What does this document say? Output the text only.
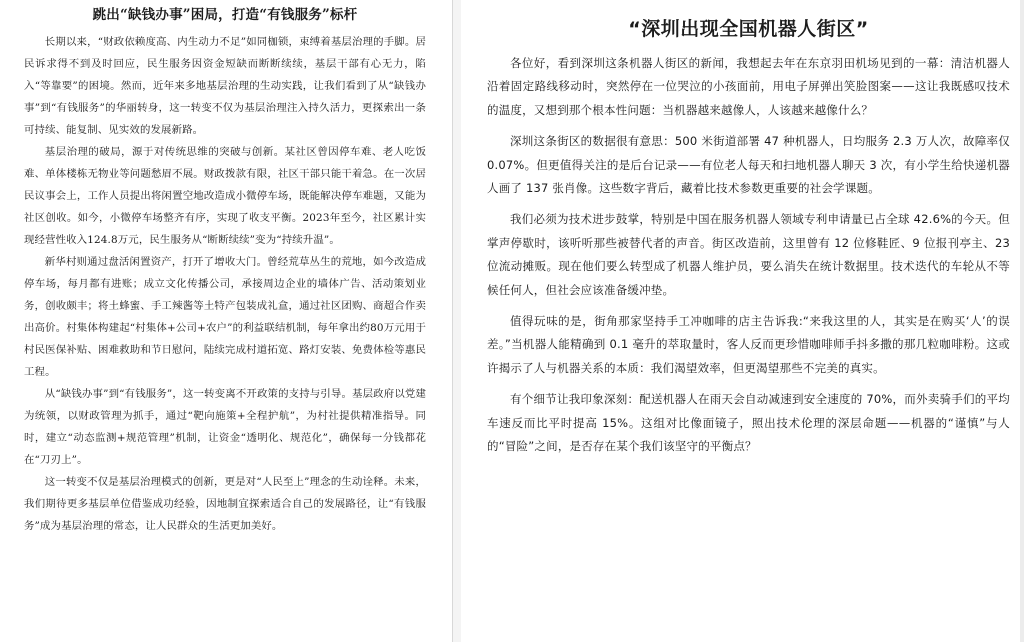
跳出“缺钱办事”困局，打造“有钱服务”标杆

长期以来，“财政依赖度高、内生动力不足”如同枷锁，束缚着基层治理的手脚。居民诉求得不到及时回应，民生服务因资金短缺而断断续续，基层干部有心无力，陷入“等靠要”的困境。然而，近年来多地基层治理的生动实践，让我们看到了从“缺钱办事”到“有钱服务”的华丽转身，这一转变不仅为基层治理注入持久活力，更探索出一条可持续、能复制、见实效的发展新路。

基层治理的破局，源于对传统思维的突破与创新。某社区曾因停车难、老人吃饭难、单体楼栋无物业等问题愁眉不展。财政拨款有限，社区干部只能干着急。在一次居民议事会上，工作人员提出将闲置空地改造成小微停车场，既能解决停车难题，又能为社区创收。如今，小微停车场整齐有序，实现了收支平衡。2023年至今，社区累计实现经营性收入124.8万元，民生服务从“断断续续”变为“持续升温”。

新华村则通过盘活闲置资产，打开了增收大门。曾经荒草丛生的荒地，如今改造成停车场，每月都有进账；成立文化传播公司，承接周边企业的墙体广告、活动策划业务，创收颇丰；将土蜂蜜、手工辣酱等土特产包装成礼盒，通过社区团购、商超合作卖出高价。村集体构建起“村集体+公司+农户”的利益联结机制，每年拿出约80万元用于村民医保补贴、困难救助和节日慰问，陆续完成村道拓宽、路灯安装、免费体检等惠民工程。

从“缺钱办事”到“有钱服务”，这一转变离不开政策的支持与引导。基层政府以党建为统领，以财政管理为抓手，通过“靶向施策+全程护航”，为村社提供精准指导。同时，建立“动态监测+规范管理”机制，让资金“透明化、规范化”，确保每一分钱都花在“刀刃上”。

这一转变不仅是基层治理模式的创新，更是对“人民至上”理念的生动诠释。未来，我们期待更多基层单位借鉴成功经验，因地制宜探索适合自己的发展路径，让“有钱服务”成为基层治理的常态，让人民群众的生活更加美好。

“深圳出现全国机器人街区”

各位好，看到深圳这条机器人街区的新闻，我想起去年在东京羽田机场见到的一幕：清洁机器人沿着固定路线移动时，突然停在一位哭泣的小孩面前，用电子屏弹出笑脸图案——这让我既感叹技术的温度，又想到那个根本性问题：当机器越来越像人，人该越来越像什么？

深圳这条街区的数据很有意思：500 米街道部署 47 种机器人，日均服务 2.3 万人次，故障率仅 0.07%。但更值得关注的是后台记录——有位老人每天和扫地机器人聊天 3 次，有小学生给快递机器人画了 137 张肖像。这些数字背后，藏着比技术参数更重要的社会学课题。

我们必须为技术进步鼓掌，特别是中国在服务机器人领域专利申请量已占全球 42.6%的今天。但掌声停歇时，该听听那些被替代者的声音。街区改造前，这里曾有 12 位修鞋匠、9 位报刊亭主、23 位流动摊贩。现在他们要么转型成了机器人维护员，要么消失在统计数据里。技术迭代的车轮从不等候任何人，但社会应该准备缓冲垫。

值得玩味的是，街角那家坚持手工冲咖啡的店主告诉我:“来我这里的人，其实是在购买‘人’的误差。”当机器人能精确到 0.1 毫升的萃取量时，客人反而更珍惜咖啡师手抖多撒的那几粒咖啡粉。这或许揭示了人与机器关系的本质：我们渴望效率，但更渴望那些不完美的真实。

有个细节让我印象深刻：配送机器人在雨天会自动减速到安全速度的 70%，而外卖骑手们的平均车速反而比平时提高 15%。这组对比像面镜子，照出技术伦理的深层命题——机器的“谨慎”与人的“冒险”之间，是否存在某个我们该坚守的平衡点？
